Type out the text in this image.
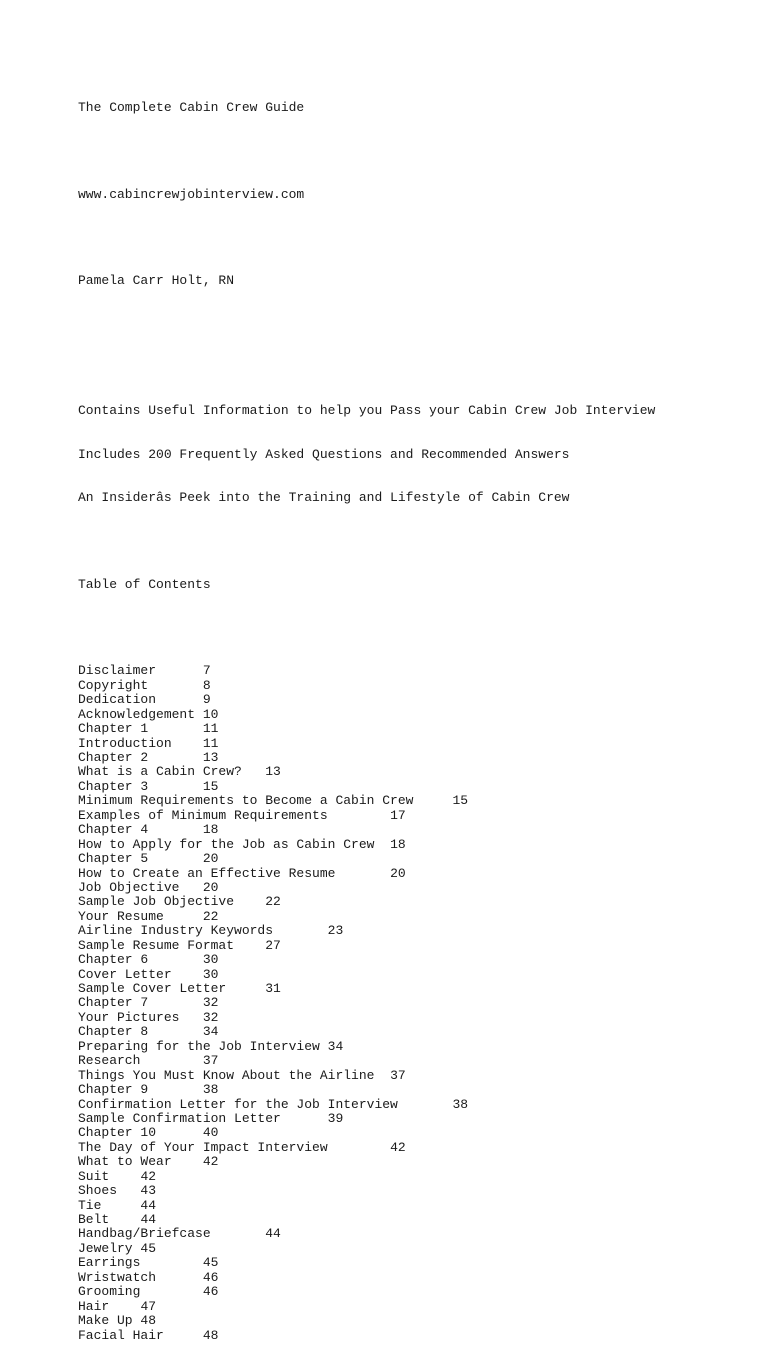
The Complete Cabin Crew Guide

www.cabincrewjobinterview.com

Pamela Carr Holt, RN

Contains Useful Information to help you Pass your Cabin Crew Job Interview

Includes 200 Frequently Asked Questions and Recommended Answers

An Insiderâs Peek into the Training and Lifestyle of Cabin Crew

Table of Contents

Disclaimer	7
Copyright	8
Dedication	9
Acknowledgement 10
Chapter 1	11
Introduction 11
Chapter 2	13
What is a Cabin Crew? 13
Chapter 3	15
Minimum Requirements to Become a Cabin Crew	15
Examples of Minimum Requirements	17
Chapter 4	18
How to Apply for the Job as Cabin Crew 18
Chapter 5	20
How to Create an Effective Resume	20
Job Objective 20
Sample Job Objective 22
Your Resume	22
Airline Industry Keywords	23
Sample Resume Format 27
Chapter 6	30
Cover Letter 30
Sample Cover Letter	31
Chapter 7	32
Your Pictures 32
Chapter 8	34
Preparing for the Job Interview 34
Research	37
Things You Must Know About the Airline 37
Chapter 9	38
Confirmation Letter for the Job Interview	38
Sample Confirmation Letter	39
Chapter 10	40
The Day of Your Impact Interview	42
What to Wear 42
Suit 42
Shoes 43
Tie	44
Belt 44
Handbag/Briefcase	44
Jewelry 45
Earrings	45
Wristwatch	46
Grooming	46
Hair 47
Make Up 48
Facial Hair	48
